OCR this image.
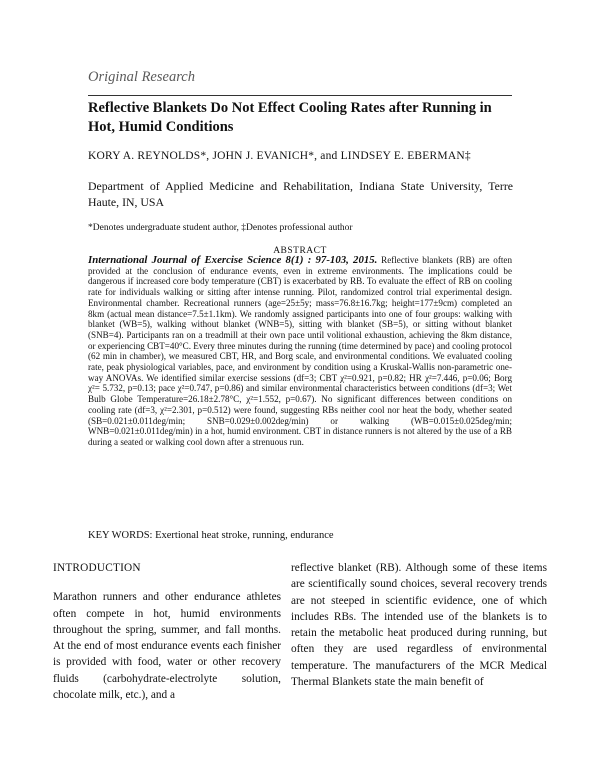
Original Research
Reflective Blankets Do Not Effect Cooling Rates after Running in Hot, Humid Conditions
KORY A. REYNOLDS*, JOHN J. EVANICH*, and LINDSEY E. EBERMAN‡
Department of Applied Medicine and Rehabilitation, Indiana State University, Terre Haute, IN, USA
*Denotes undergraduate student author, ‡Denotes professional author
ABSTRACT
International Journal of Exercise Science 8(1) : 97-103, 2015. Reflective blankets (RB) are often provided at the conclusion of endurance events, even in extreme environments. The implications could be dangerous if increased core body temperature (CBT) is exacerbated by RB. To evaluate the effect of RB on cooling rate for individuals walking or sitting after intense running. Pilot, randomized control trial experimental design. Environmental chamber. Recreational runners (age=25±5y; mass=76.8±16.7kg; height=177±9cm) completed an 8km (actual mean distance=7.5±1.1km). We randomly assigned participants into one of four groups: walking with blanket (WB=5), walking without blanket (WNB=5), sitting with blanket (SB=5), or sitting without blanket (SNB=4). Participants ran on a treadmill at their own pace until volitional exhaustion, achieving the 8km distance, or experiencing CBT=40°C. Every three minutes during the running (time determined by pace) and cooling protocol (62 min in chamber), we measured CBT, HR, and Borg scale, and environmental conditions. We evaluated cooling rate, peak physiological variables, pace, and environment by condition using a Kruskal-Wallis non-parametric one-way ANOVAs. We identified similar exercise sessions (df=3; CBT χ²=0.921, p=0.82; HR χ²=7.446, p=0.06; Borg χ²= 5.732, p=0.13; pace χ²=0.747, p=0.86) and similar environmental characteristics between conditions (df=3; Wet Bulb Globe Temperature=26.18±2.78°C, χ²=1.552, p=0.67). No significant differences between conditions on cooling rate (df=3, χ²=2.301, p=0.512) were found, suggesting RBs neither cool nor heat the body, whether seated (SB=0.021±0.011deg/min; SNB=0.029±0.002deg/min) or walking (WB=0.015±0.025deg/min; WNB=0.021±0.011deg/min) in a hot, humid environment. CBT in distance runners is not altered by the use of a RB during a seated or walking cool down after a strenuous run.
KEY WORDS: Exertional heat stroke, running, endurance
INTRODUCTION

Marathon runners and other endurance athletes often compete in hot, humid environments throughout the spring, summer, and fall months. At the end of most endurance events each finisher is provided with food, water or other recovery fluids (carbohydrate-electrolyte solution, chocolate milk, etc.), and a

reflective blanket (RB). Although some of these items are scientifically sound choices, several recovery trends are not steeped in scientific evidence, one of which includes RBs. The intended use of the blankets is to retain the metabolic heat produced during running, but often they are used regardless of environmental temperature. The manufacturers of the MCR Medical Thermal Blankets state the main benefit of
